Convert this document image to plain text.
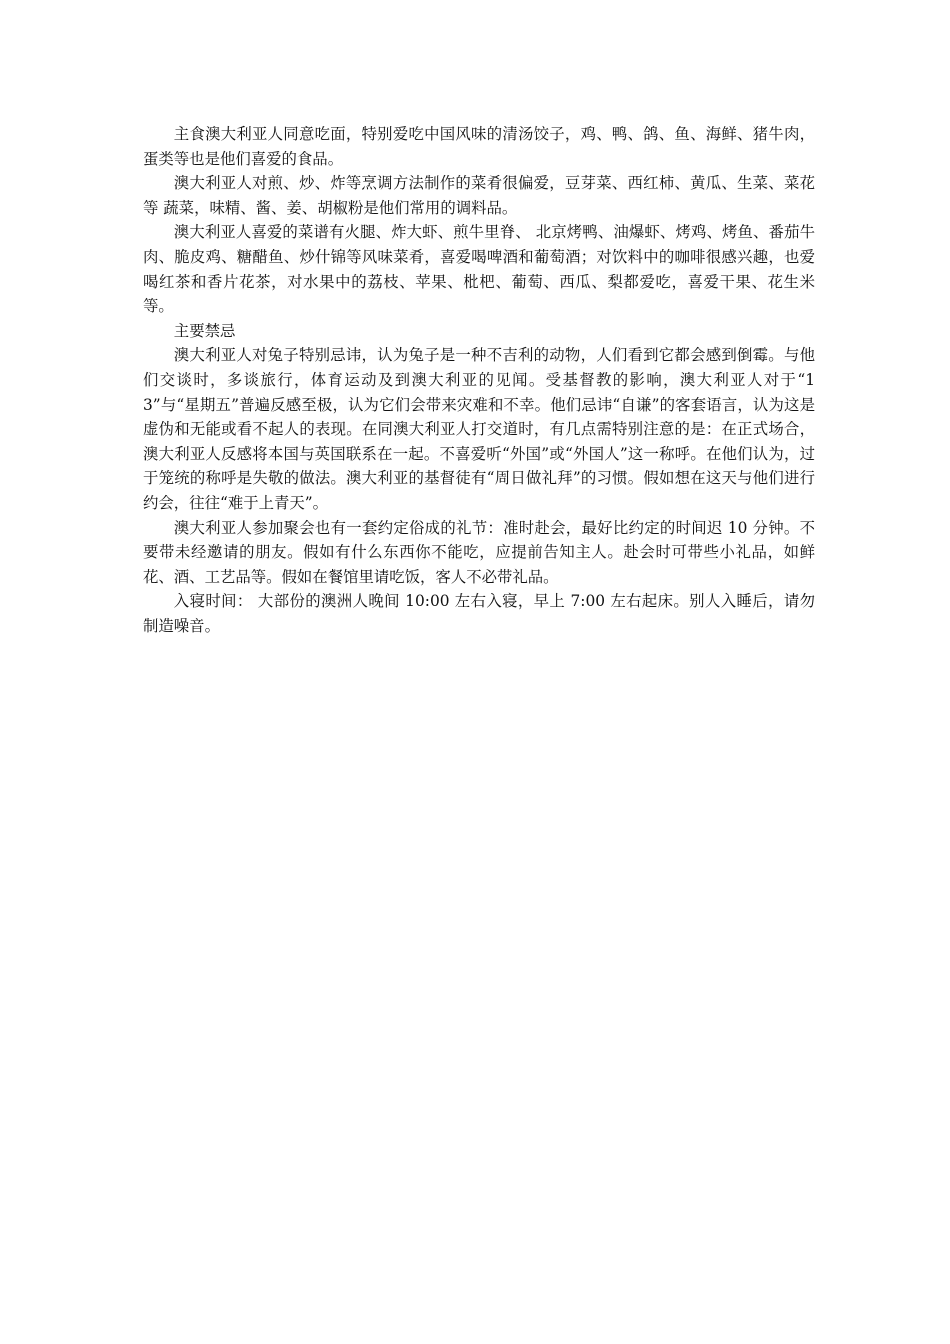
主食澳大利亚人同意吃面，特别爱吃中国风味的清汤饺子，鸡、鸭、鸽、鱼、海鲜、猪牛肉，蛋类等也是他们喜爱的食品。

澳大利亚人对煎、炒、炸等烹调方法制作的菜肴很偏爱，豆芽菜、西红柿、黄瓜、生菜、菜花等 蔬菜，味精、酱、姜、胡椒粉是他们常用的调料品。

澳大利亚人喜爱的菜谱有火腿、炸大虾、煎牛里脊、 北京烤鸭、油爆虾、烤鸡、烤鱼、番茄牛肉、脆皮鸡、糖醋鱼、炒什锦等风味菜肴，喜爱喝啤酒和葡萄酒；对饮料中的咖啡很感兴趣，也爱喝红茶和香片花茶，对水果中的荔枝、苹果、枇杷、葡萄、西瓜、梨都爱吃，喜爱干果、花生米等。

主要禁忌

澳大利亚人对兔子特别忌讳，认为兔子是一种不吉利的动物，人们看到它都会感到倒霉。与他们交谈时，多谈旅行，体育运动及到澳大利亚的见闻。受基督教的影响，澳大利亚人对于“13”与“星期五”普遍反感至极，认为它们会带来灾难和不幸。他们忌讳“自谦”的客套语言，认为这是虚伪和无能或看不起人的表现。在同澳大利亚人打交道时，有几点需特别注意的是：在正式场合，澳大利亚人反感将本国与英国联系在一起。不喜爱听“外国”或“外国人”这一称呼。在他们认为，过于笼统的称呼是失敬的做法。澳大利亚的基督徒有“周日做礼拜”的习惯。假如想在这天与他们进行约会，往往“难于上青天”。

澳大利亚人参加聚会也有一套约定俗成的礼节：准时赴会，最好比约定的时间迟 10 分钟。不要带未经邀请的朋友。假如有什么东西你不能吃，应提前告知主人。赴会时可带些小礼品，如鲜花、酒、工艺品等。假如在餐馆里请吃饭，客人不必带礼品。

入寝时间： 大部份的澳洲人晚间 10:00 左右入寝，早上 7:00 左右起床。别人入睡后，请勿制造噪音。
